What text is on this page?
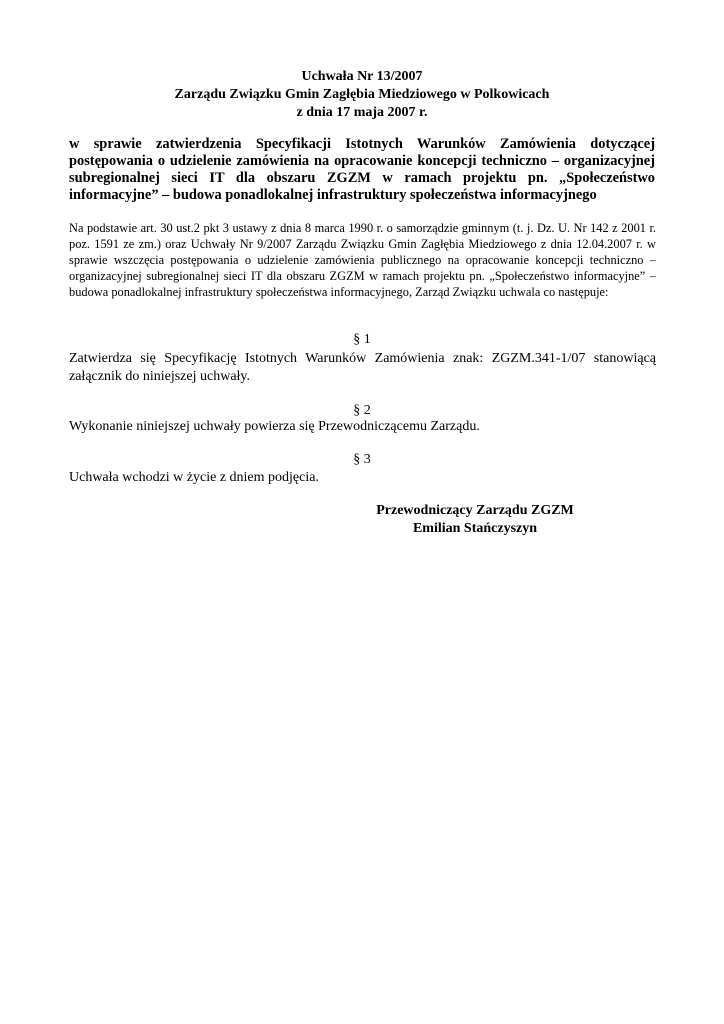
Uchwała Nr 13/2007
Zarządu Związku Gmin Zagłębia Miedziowego w Polkowicach
z dnia 17 maja 2007 r.
w sprawie zatwierdzenia Specyfikacji Istotnych Warunków Zamówienia dotyczącej postępowania o udzielenie zamówienia na opracowanie koncepcji techniczno – organizacyjnej subregionalnej sieci IT dla obszaru ZGZM w ramach projektu pn. „Społeczeństwo informacyjne” – budowa ponadlokalnej infrastruktury społeczeństwa informacyjnego
Na podstawie art. 30 ust.2 pkt 3 ustawy z dnia 8 marca 1990 r. o samorządzie gminnym (t. j. Dz. U. Nr 142 z 2001 r. poz. 1591 ze zm.) oraz Uchwały Nr 9/2007 Zarządu Związku Gmin Zagłębia Miedziowego z dnia 12.04.2007 r. w sprawie wszczęcia postępowania o udzielenie zamówienia publicznego na opracowanie koncepcji techniczno – organizacyjnej subregionalnej sieci IT dla obszaru ZGZM w ramach projektu pn. „Społeczeństwo informacyjne” – budowa ponadlokalnej infrastruktury społeczeństwa informacyjnego, Zarząd Związku uchwala co następuje:
§ 1
Zatwierdza się Specyfikację Istotnych Warunków Zamówienia znak: ZGZM.341-1/07 stanowiącą załącznik do niniejszej uchwały.
§ 2
Wykonanie niniejszej uchwały powierza się Przewodniczącemu Zarządu.
§ 3
Uchwała wchodzi w życie z dniem podjęcia.
Przewodniczący Zarządu ZGZM
Emilian Stańczyszyn
